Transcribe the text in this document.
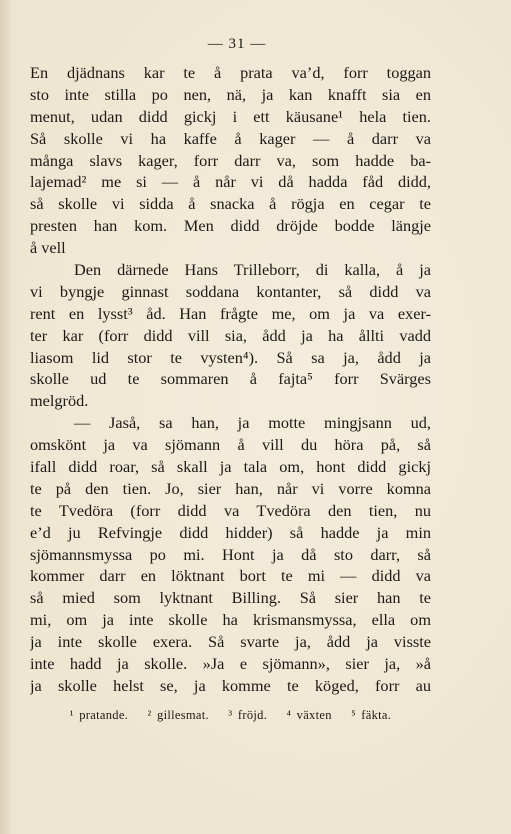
— 31 —
En djädnans kar te å prata va’d, forr toggan
sto inte stilla po nen, nä, ja kan knafft sia en
menut, udan didd gickj i ett käusane¹ hela tien.
Så skolle vi ha kaffe å kager — å darr va
många slavs kager, forr darr va, som hadde ba-
lajemad² me si — å når vi då hadda fåd didd,
så skolle vi sidda å snacka å rögja en cegar te
presten han kom. Men didd dröjde bodde längje
å vell
Den därnede Hans Trilleborr, di kalla, å ja
vi byngje ginnast soddana kontanter, så didd va
rent en lysst³ åd. Han frågte me, om ja va exer-
ter kar (forr didd vill sia, ådd ja ha ållti vadd
liasom lid stor te vysten⁴). Så sa ja, ådd ja
skolle ud te sommaren å fajta⁵ forr Svärges
melgröd.
— Jaså, sa han, ja motte mingjsann ud,
omskönt ja va sjömann å vill du höra på, så
ifall didd roar, så skall ja tala om, hont didd gickj
te på den tien. Jo, sier han, når vi vorre komna
te Tvedöra (forr didd va Tvedöra den tien, nu
e’d ju Refvingje didd hidder) så hadde ja min
sjömannsmyssa po mi. Hont ja då sto darr, så
kommer darr en löktnant bort te mi — didd va
så mied som lyktnant Billing. Så sier han te
mi, om ja inte skolle ha krismansmyssa, ella om
ja inte skolle exera. Så svarte ja, ådd ja visste
inte hadd ja skolle. »Ja e sjömann», sier ja, »å
ja skolle helst se, ja komme te köged, forr au
¹ pratande. ² gillesmat. ³ fröjd. ⁴ växten ⁵ fäkta.
